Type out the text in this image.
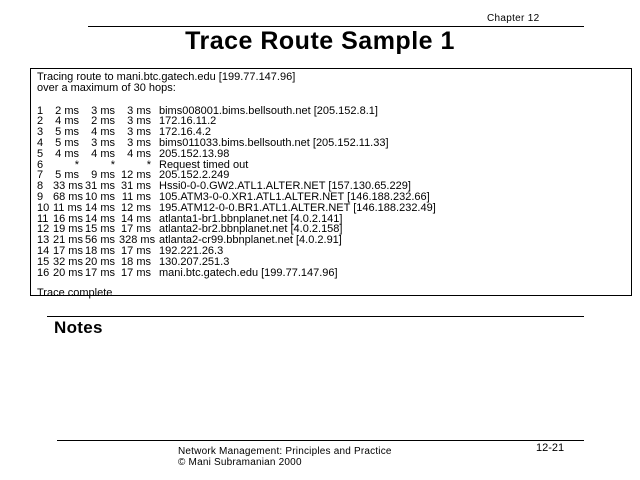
Chapter 12
Trace Route Sample 1
Tracing route to mani.btc.gatech.edu [199.77.147.96]
over a maximum of 30 hops:
1	2 ms	3 ms	3 ms bims008001.bims.bellsouth.net [205.152.8.1]
2	4 ms	2 ms	3 ms 172.16.11.2
3	5 ms	4 ms	3 ms 172.16.4.2
4	5 ms	3 ms	3 ms bims011033.bims.bellsouth.net [205.152.11.33]
5	4 ms	4 ms	4 ms 205.152.13.98
6	*	*	* Request timed out
7	5 ms	9 ms 12 ms 205.152.2.249
8 33 ms 31 ms 31 ms Hssi0-0-0.GW2.ATL1.ALTER.NET [157.130.65.229]
9 68 ms 10 ms 11 ms 105.ATM3-0-0.XR1.ATL1.ALTER.NET [146.188.232.66]
10 11 ms 14 ms 12 ms 195.ATM12-0-0.BR1.ATL1.ALTER.NET [146.188.232.49]
11 16 ms 14 ms 14 ms atlanta1-br1.bbnplanet.net [4.0.2.141]
12 19 ms 15 ms 17 ms atlanta2-br2.bbnplanet.net [4.0.2.158]
13 21 ms 56 ms 328 ms atlanta2-cr99.bbnplanet.net [4.0.2.91]
14 17 ms 18 ms 17 ms 192.221.26.3
15 32 ms 20 ms 18 ms 130.207.251.3
16 20 ms 17 ms 17 ms mani.btc.gatech.edu [199.77.147.96]
Trace complete
Notes
Network Management: Principles and Practice
© Mani Subramanian 2000
12-21
